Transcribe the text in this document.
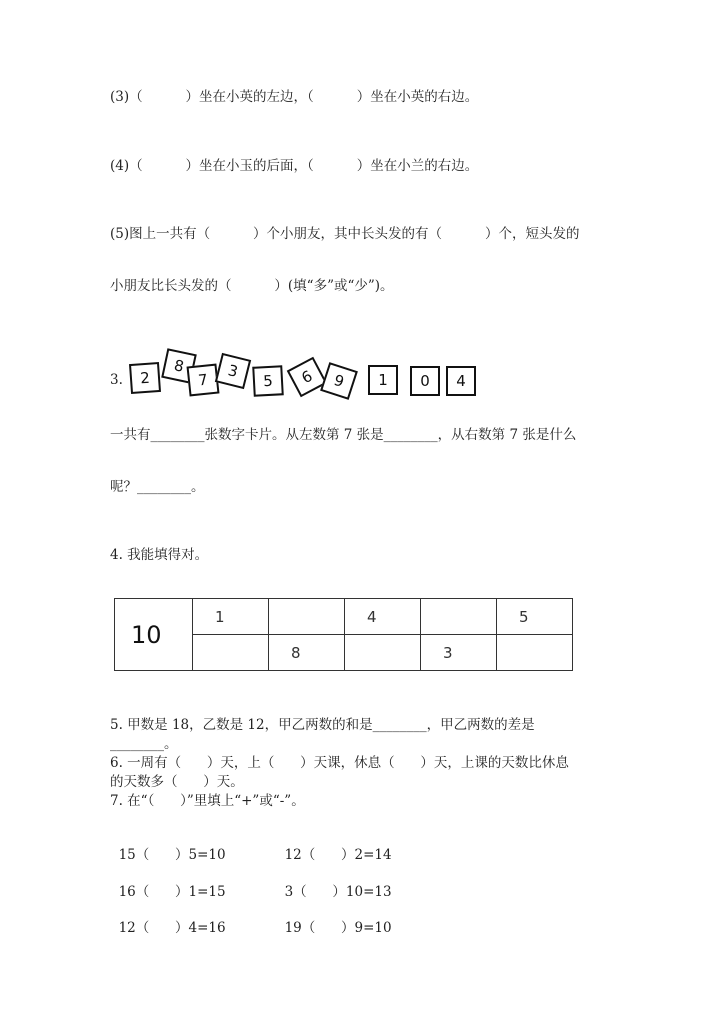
(3)（          ）坐在小英的左边，（          ）坐在小英的右边。
(4)（          ）坐在小玉的后面，（          ）坐在小兰的右边。
(5)图上一共有（          ）个小朋友，其中长头发的有（          ）个，短头发的
小朋友比长头发的（          ）(填“多”或“少”)。
3.	2
8
7	3
5	6	9	1	0	4
一共有________张数字卡片。从左数第 7 张是________，从右数第 7 张是什么
呢？________。
4. 我能填得对。
10	1		4		5
		8		3	
5. 甲数是 18，乙数是 12，甲乙两数的和是________，甲乙两数的差是
________。
6. 一周有（      ）天，上（      ）天课，休息（      ）天，上课的天数比休息
的天数多（      ）天。
7. 在“（      ）”里填上“+”或“-”。

15（      ）5=10	12（      ）2=14

16（      ）1=15	3（      ）10=13

12（      ）4=16	19（      ）9=10
